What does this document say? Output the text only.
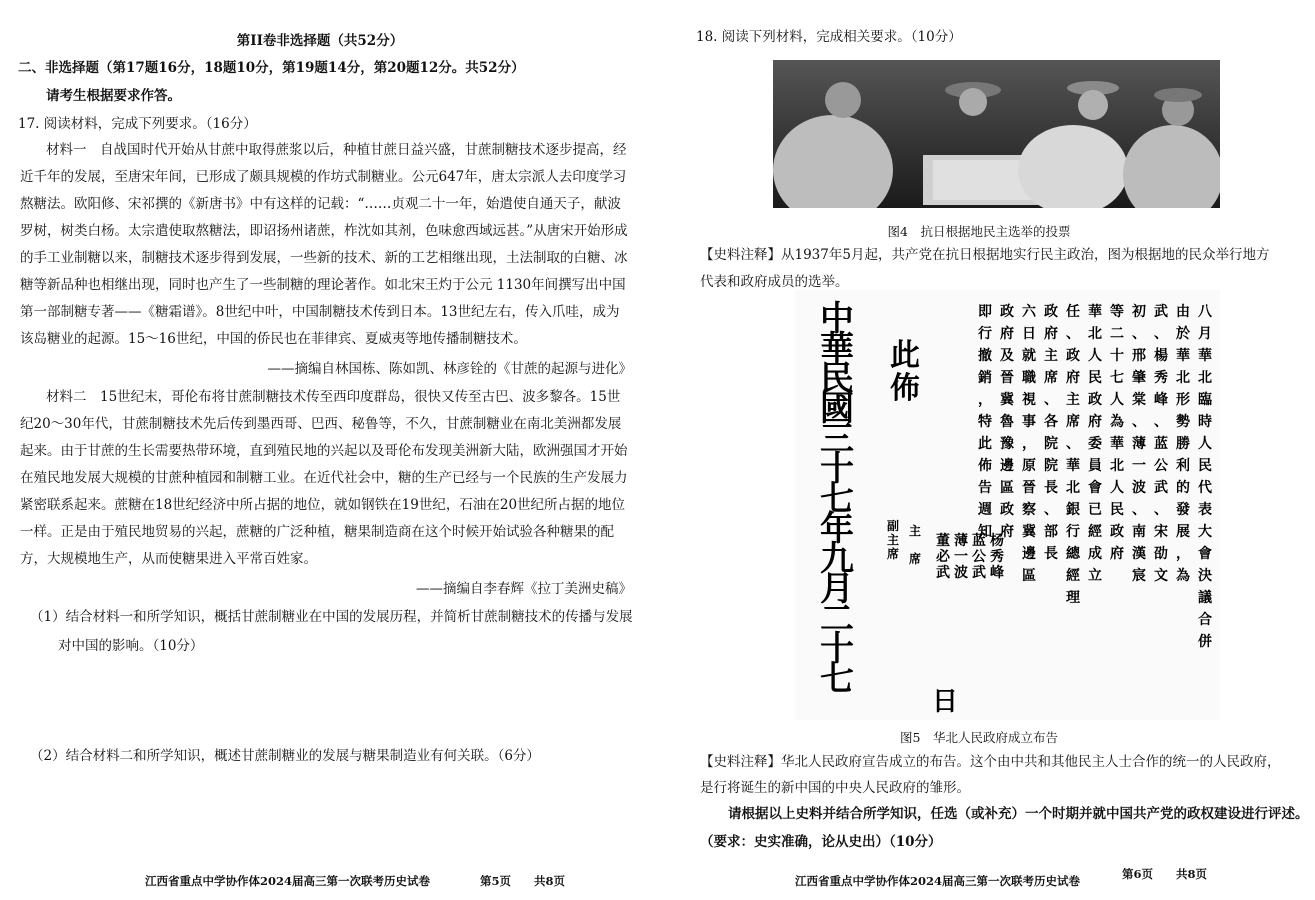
第II卷非选择题（共52分）
二、非选择题（第17题16分，18题10分，第19题14分，第20题12分。共52分）
请考生根据要求作答。
17. 阅读材料，完成下列要求。（16分）
材料一　自战国时代开始从甘蔗中取得蔗浆以后，种植甘蔗日益兴盛，甘蔗制糖技术逐步提高，经近千年的发展，至唐宋年间，已形成了颇具规模的作坊式制糖业。公元647年，唐太宗派人去印度学习熬糖法。欧阳修、宋祁撰的《新唐书》中有这样的记载：“……贞观二十一年，始遣使自通天子，献波罗树，树类白杨。太宗遣使取熬糖法，即诏扬州诸蔗，柞沈如其剂，色味愈西域远甚。”从唐宋开始形成的手工业制糖以来，制糖技术逐步得到发展，一些新的技术、新的工艺相继出现，土法制取的白糖、冰糖等新品种也相继出现，同时也产生了一些制糖的理论著作。如北宋王灼于公元 1130年间撰写出中国第一部制糖专著——《糖霜谱》。8世纪中叶，中国制糖技术传到日本。13世纪左右，传入爪哇，成为该岛糖业的起源。15～16世纪，中国的侨民也在菲律宾、夏威夷等地传播制糖技术。
——摘编自林国栋、陈如凯、林彦铨的《甘蔗的起源与进化》
材料二　15世纪末，哥伦布将甘蔗制糖技术传至西印度群岛，很快又传至古巴、波多黎各。15世纪20～30年代，甘蔗制糖技术先后传到墨西哥、巴西、秘鲁等，不久，甘蔗制糖业在南北美洲都发展起来。由于甘蔗的生长需要热带环境，直到殖民地的兴起以及哥伦布发现美洲新大陆，欧洲强国才开始在殖民地发展大规模的甘蔗种植园和制糖工业。在近代社会中，糖的生产已经与一个民族的生产发展力紧密联系起来。蔗糖在18世纪经济中所占据的地位，就如钢铁在19世纪，石油在20世纪所占据的地位一样。正是由于殖民地贸易的兴起，蔗糖的广泛种植，糖果制造商在这个时候开始试验各种糖果的配方，大规模地生产，从而使糖果进入平常百姓家。
——摘编自李春辉《拉丁美洲史稿》
（1）结合材料一和所学知识，概括甘蔗制糖业在中国的发展历程，并简析甘蔗制糖技术的传播与发展
对中国的影响。（10分）
（2）结合材料二和所学知识，概述甘蔗制糖业的发展与糖果制造业有何关联。（6分）
江西省重点中学协作体2024届高三第一次联考历史试卷	第5页　　共8页
18. 阅读下列材料，完成相关要求。（10分）
图4　抗日根据地民主选举的投票
【史料注释】从1937年5月起，共产党在抗日根据地实行民主政治，图为根据地的民众举行地方
代表和政府成员的选举。
中
華
民
國
三
十
七
年
九
月
二
十
七
日
此
佈
主

席
副
主
席
董
必
武
薄
一
波
蓝
公
武
杨
秀
峰
八
月
華
北
臨
時
人
民
代
表
大
會
決
議
合
併
由
於
華
北
形
勢
勝
利
的
發
展
，
為
武
、
楊
秀
峰
、
蓝
公
武
、
宋
劭
文
初
、
邢
肇
棠
、
薄
一
波
、
南
漢
宸
等
二
十
七
人
為
華
北
人
民
政
府
華
北
人
民
政
府
委
員
會
已
經
成
立
任
、
政
府
主
席
、
華
北
銀
行
總
經
理
政
府
主
席
、
各
院
院
長
、
部
長
六
日
就
職
視
事
，
原
晉
察
冀
邊
區
政
府
及
晉
冀
魯
豫
邊
區
政
府
即
行
撤
銷
，
特
此
佈
告
週
知
图5　华北人民政府成立布告
【史料注释】华北人民政府宣告成立的布告。这个由中共和其他民主人士合作的统一的人民政府，
是行将诞生的新中国的中央人民政府的雏形。
请根据以上史料并结合所学知识，任选（或补充）一个时期并就中国共产党的政权建设进行评述。
（要求：史实准确，论从史出）（10分）
江西省重点中学协作体2024届高三第一次联考历史试卷	第6页　　共8页
